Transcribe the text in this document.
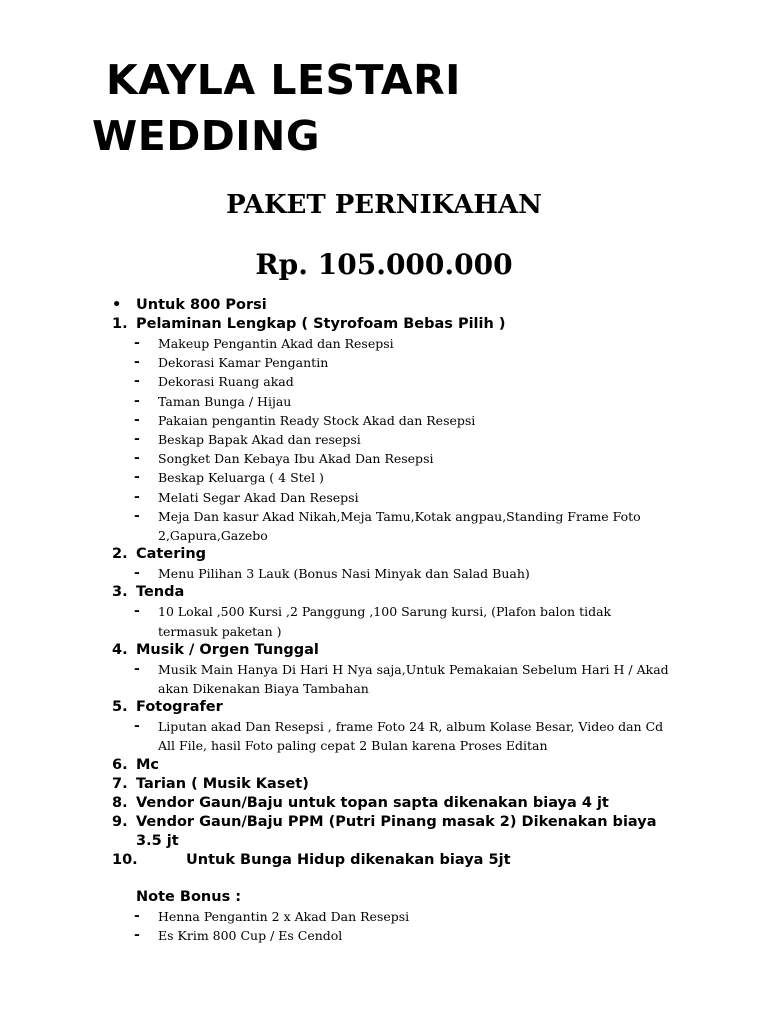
KAYLA LESTARI
WEDDING
PAKET PERNIKAHAN
Rp. 105.000.000
•	Untuk 800 Porsi
1. Pelaminan Lengkap ( Styrofoam Bebas Pilih )
-	Makeup Pengantin Akad dan Resepsi
-	Dekorasi Kamar Pengantin
-	Dekorasi Ruang akad
-	Taman Bunga / Hijau
-	Pakaian pengantin Ready Stock Akad dan Resepsi
-	Beskap Bapak Akad dan resepsi
-	Songket Dan Kebaya Ibu Akad Dan Resepsi
-	Beskap Keluarga ( 4 Stel )
-	Melati Segar Akad Dan Resepsi
-	Meja Dan kasur Akad Nikah,Meja Tamu,Kotak angpau,Standing Frame Foto 2,Gapura,Gazebo
2. Catering
-	Menu Pilihan 3 Lauk (Bonus Nasi Minyak dan Salad Buah)
3. Tenda
-	10 Lokal ,500 Kursi ,2 Panggung ,100 Sarung kursi, (Plafon balon tidak termasuk paketan )
4. Musik / Orgen Tunggal
-	Musik Main Hanya Di Hari H Nya saja,Untuk Pemakaian Sebelum Hari H / Akad akan Dikenakan Biaya Tambahan
5. Fotografer
-	Liputan akad Dan Resepsi , frame Foto 24 R, album Kolase Besar, Video dan Cd All File, hasil Foto paling cepat 2 Bulan karena Proses Editan
6. Mc
7. Tarian ( Musik Kaset)
8. Vendor Gaun/Baju untuk topan sapta dikenakan biaya 4 jt
9. Vendor Gaun/Baju PPM (Putri Pinang masak 2) Dikenakan biaya 3.5 jt
10.	Untuk Bunga Hidup dikenakan biaya 5jt
Note Bonus :
-	Henna Pengantin 2 x Akad Dan Resepsi
-	Es Krim 800 Cup / Es Cendol
